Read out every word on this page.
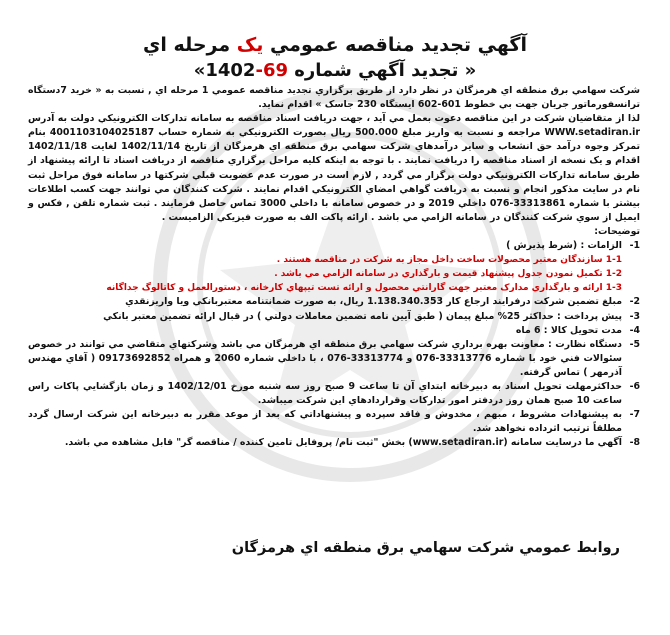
آگهي تجديد مناقصه عمومي يک مرحله اي
« تجديد آگهي شماره 69-1402»

شرکت سهامي برق منطقه اي هرمزگان در نظر دارد از طريق برگزاري تجديد مناقصه عمومي 1 مرحله اي , نسبت به « خريد 7دستگاه ترانسفورماتور جريان جهت بي خطوط 601-602 ايستگاه 230 جاسک » اقدام نمايد.

لذا از متقاضيان شرکت در اين مناقصه دعوت بعمل مي آيد ، جهت دريافت اسناد مناقصه به سامانه تدارکات الکترونيکي دولت به آدرس WWW.setadiran.ir مراجعه و نسبت به واريز مبلغ 500.000 ريال بصورت الکترونيکي به شماره حساب 4001103104025187 بنام تمرکز وجوه درآمد حق انشعاب و ساير درآمدهاي شرکت سهامي برق منطقه اي هرمزگان از تاريخ 1402/11/14 لغايت 1402/11/18 اقدام و يک نسخه از اسناد مناقصه را دريافت نمايند . با توجه به اينکه کليه مراحل برگزاري مناقصه از دريافت اسناد تا ارائه پيشنهاد از طريق سامانه تدارکات الکترونيکي دولت برگزار مي گردد , لازم است در صورت عدم عضويت قبلي شرکتها در سامانه فوق مراحل ثبت نام در سايت مذکور انجام و نسبت به دريافت گواهي امضاي الکترونيکي اقدام نمايند . شرکت کنندگان مي توانند جهت کسب اطلاعات بيشتر با شماره 33313861-076 داخلي 2019 و در خصوص سامانه با داخلي 3000 تماس حاصل فرمايند . ثبت شماره تلفن , فکس و ايميل از سوي شرکت کنندگان در سامانه الزامي مي باشد . ارائه پاکت الف به صورت فيزيکي الزاميست .

توضيحات:

1-
الزامات : (شرط پذيرش )
1-1 سازندگان معتبر محصولات ساخت داخل مجاز به شرکت در مناقصه هستند .
1-2 تکميل نمودن جدول پيشنهاد قيمت و بارگذاري در سامانه الزامي مي باشد .
1-3 ارائه و بارگذاري مدارک معتبر جهت گارانتي محصول و ارائه تست تيپهاي کارخانه ، دستورالعمل و کاتالوگ جداگانه
2-
مبلغ تضمين شرکت درفرايند ارجاع کار 1.138.340.353 ريال، به صورت ضمانتنامه معتبربانکي ويا واريزنقدي
3-
پيش پرداخت : حداکثر 25% مبلغ پيمان ( طبق آيين نامه تضمين معاملات دولتي ) در قبال ارائه تضمين معتبر بانکي
4-
مدت تحويل کالا : 6 ماه
5-
دستگاه نظارت : معاونت بهره برداري شرکت سهامي برق منطقه اي هرمزگان مي باشد وشرکتهاي متقاضي مي توانند در خصوص سئوالات فني خود با شماره 33313776-076 و 33313774-076 ، با داخلي شماره 2060 و همراه 09173692852 ( آقاي مهندس آذرمهر ) تماس گرفته.
6-
حداکثرمهلت تحويل اسناد به دبيرخانه ابتداي آن تا ساعت 9 صبح روز سه شنبه مورخ 1402/12/01 و زمان بازگشايي پاکات راس ساعت 10 صبح همان روز دردفتر امور تدارکات وقراردادهاي اين شرکت ميباشد.
7-
به پيشنهادات مشروط ، مبهم ، مخدوش و فاقد سپرده و پيشنهاداتي که بعد از موعد مقرر به دبيرخانه اين شرکت ارسال گردد مطلقاً ترتيب اثرداده نخواهد شد.
8-
آگهي ما درسايت سامانه (www.setadiran.ir) بخش "ثبت نام/ پروفايل تامين کننده / مناقصه گر" قابل مشاهده مي باشد.
روابط عمومي شرکت سهامي برق منطقه اي هرمزگان
